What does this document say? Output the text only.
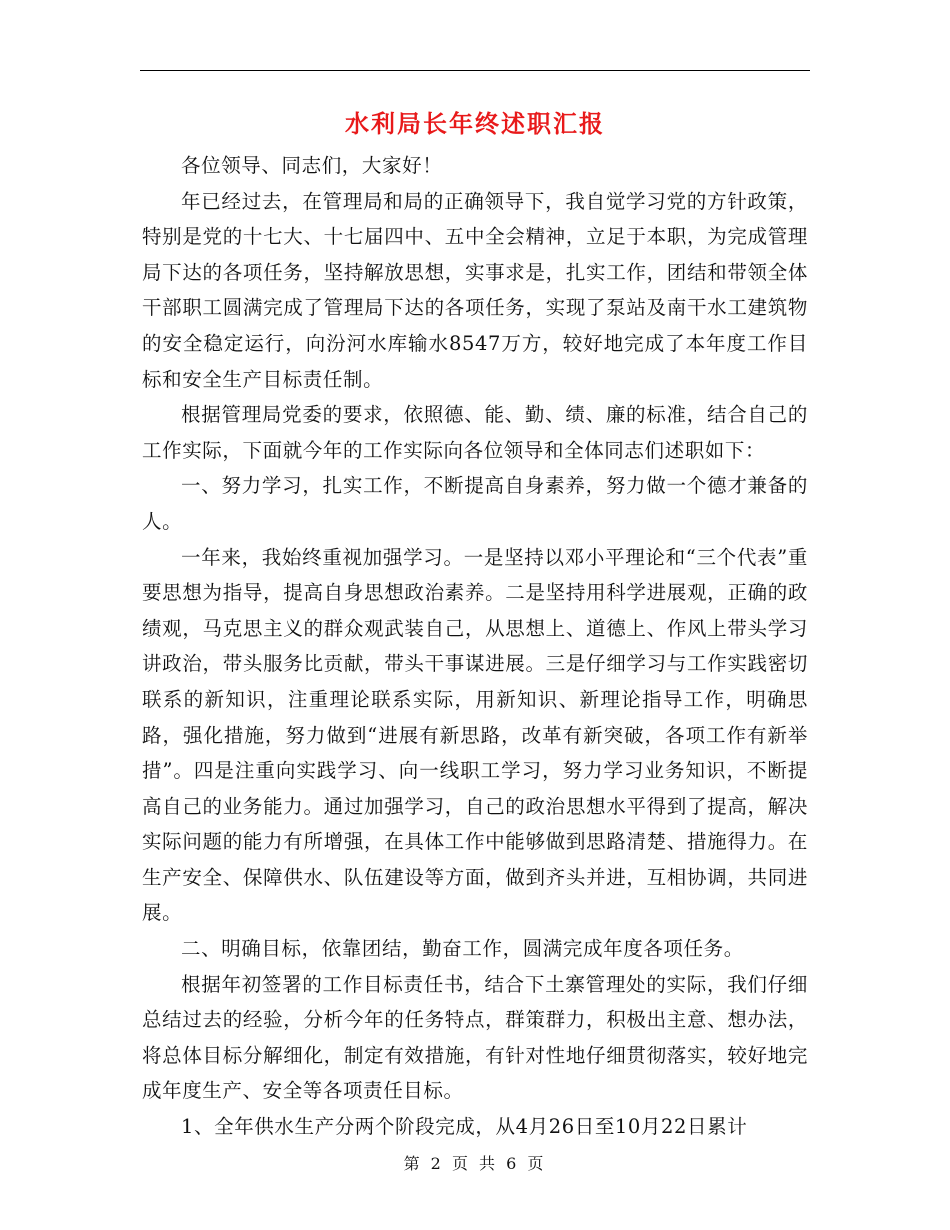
水利局长年终述职汇报

各位领导、同志们，大家好！

年已经过去，在管理局和局的正确领导下，我自觉学习党的方针政策，特别是党的十七大、十七届四中、五中全会精神，立足于本职，为完成管理局下达的各项任务，坚持解放思想，实事求是，扎实工作，团结和带领全体干部职工圆满完成了管理局下达的各项任务，实现了泵站及南干水工建筑物的安全稳定运行，向汾河水库输水8547万方，较好地完成了本年度工作目标和安全生产目标责任制。

根据管理局党委的要求，依照德、能、勤、绩、廉的标准，结合自己的工作实际，下面就今年的工作实际向各位领导和全体同志们述职如下：

一、努力学习，扎实工作，不断提高自身素养，努力做一个德才兼备的人。

一年来，我始终重视加强学习。一是坚持以邓小平理论和“三个代表”重要思想为指导，提高自身思想政治素养。二是坚持用科学进展观，正确的政绩观，马克思主义的群众观武装自己，从思想上、道德上、作风上带头学习讲政治，带头服务比贡献，带头干事谋进展。三是仔细学习与工作实践密切联系的新知识，注重理论联系实际，用新知识、新理论指导工作，明确思路，强化措施，努力做到“进展有新思路，改革有新突破，各项工作有新举措”。四是注重向实践学习、向一线职工学习，努力学习业务知识，不断提高自己的业务能力。通过加强学习，自己的政治思想水平得到了提高，解决实际问题的能力有所增强，在具体工作中能够做到思路清楚、措施得力。在生产安全、保障供水、队伍建设等方面，做到齐头并进，互相协调，共同进展。

二、明确目标，依靠团结，勤奋工作，圆满完成年度各项任务。

根据年初签署的工作目标责任书，结合下土寨管理处的实际，我们仔细总结过去的经验，分析今年的任务特点，群策群力，积极出主意、想办法，将总体目标分解细化，制定有效措施，有针对性地仔细贯彻落实，较好地完成年度生产、安全等各项责任目标。

1、全年供水生产分两个阶段完成，从4月26日至10月22日累计

第 2 页 共 6 页
